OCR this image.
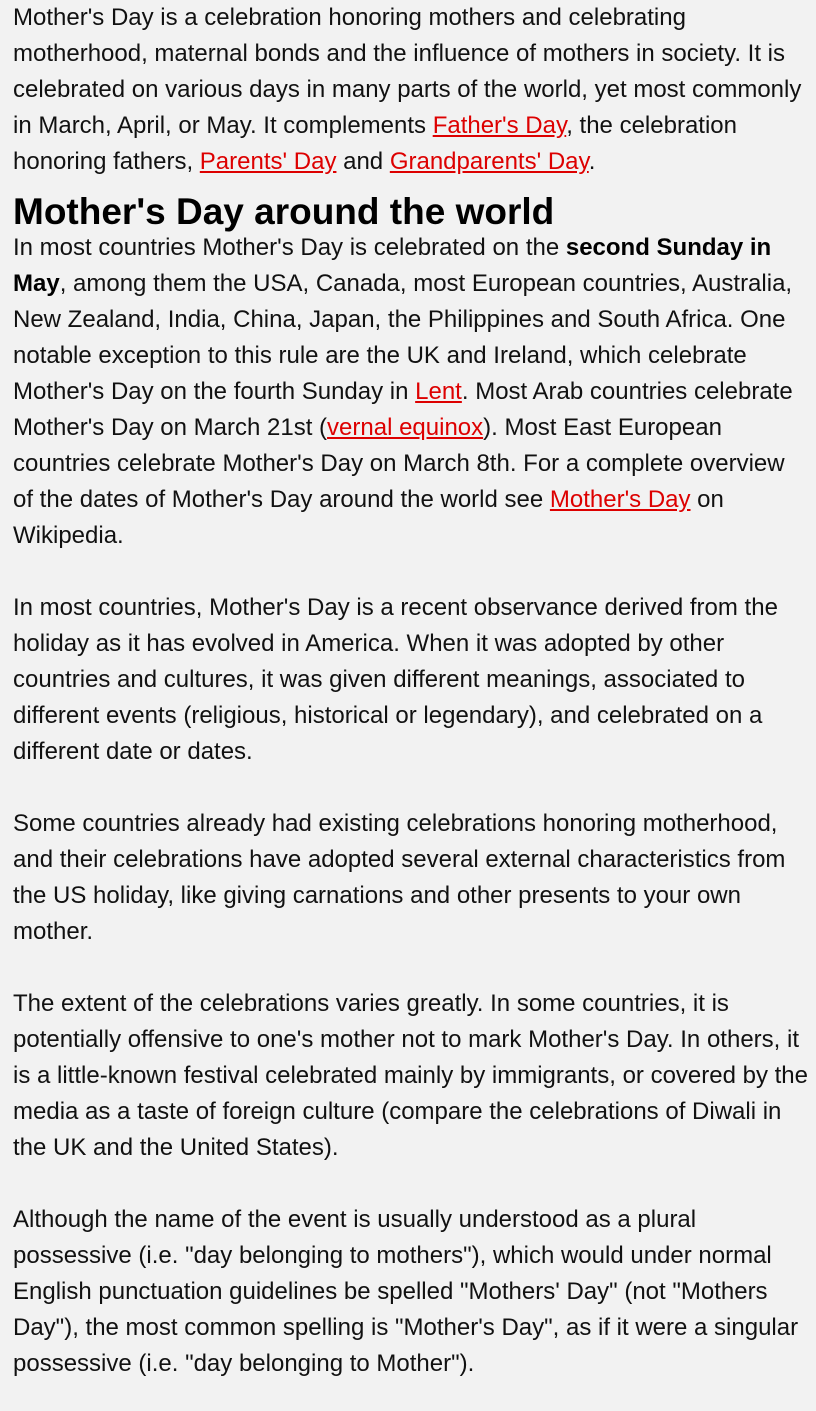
Mother's Day is a celebration honoring mothers and celebrating motherhood, maternal bonds and the influence of mothers in society. It is celebrated on various days in many parts of the world, yet most commonly in March, April, or May. It complements Father's Day, the celebration honoring fathers, Parents' Day and Grandparents' Day.

Mother's Day around the world

In most countries Mother's Day is celebrated on the second Sunday in May, among them the USA, Canada, most European countries, Australia, New Zealand, India, China, Japan, the Philippines and South Africa. One notable exception to this rule are the UK and Ireland, which celebrate Mother's Day on the fourth Sunday in Lent. Most Arab countries celebrate Mother's Day on March 21st (vernal equinox). Most East European countries celebrate Mother's Day on March 8th. For a complete overview of the dates of Mother's Day around the world see Mother's Day on Wikipedia.

In most countries, Mother's Day is a recent observance derived from the holiday as it has evolved in America. When it was adopted by other countries and cultures, it was given different meanings, associated to different events (religious, historical or legendary), and celebrated on a different date or dates.

Some countries already had existing celebrations honoring motherhood, and their celebrations have adopted several external characteristics from the US holiday, like giving carnations and other presents to your own mother.

The extent of the celebrations varies greatly. In some countries, it is potentially offensive to one's mother not to mark Mother's Day. In others, it is a little-known festival celebrated mainly by immigrants, or covered by the media as a taste of foreign culture (compare the celebrations of Diwali in the UK and the United States).

Although the name of the event is usually understood as a plural possessive (i.e. "day belonging to mothers"), which would under normal English punctuation guidelines be spelled "Mothers' Day" (not "Mothers Day"), the most common spelling is "Mother's Day", as if it were a singular possessive (i.e. "day belonging to Mother").
